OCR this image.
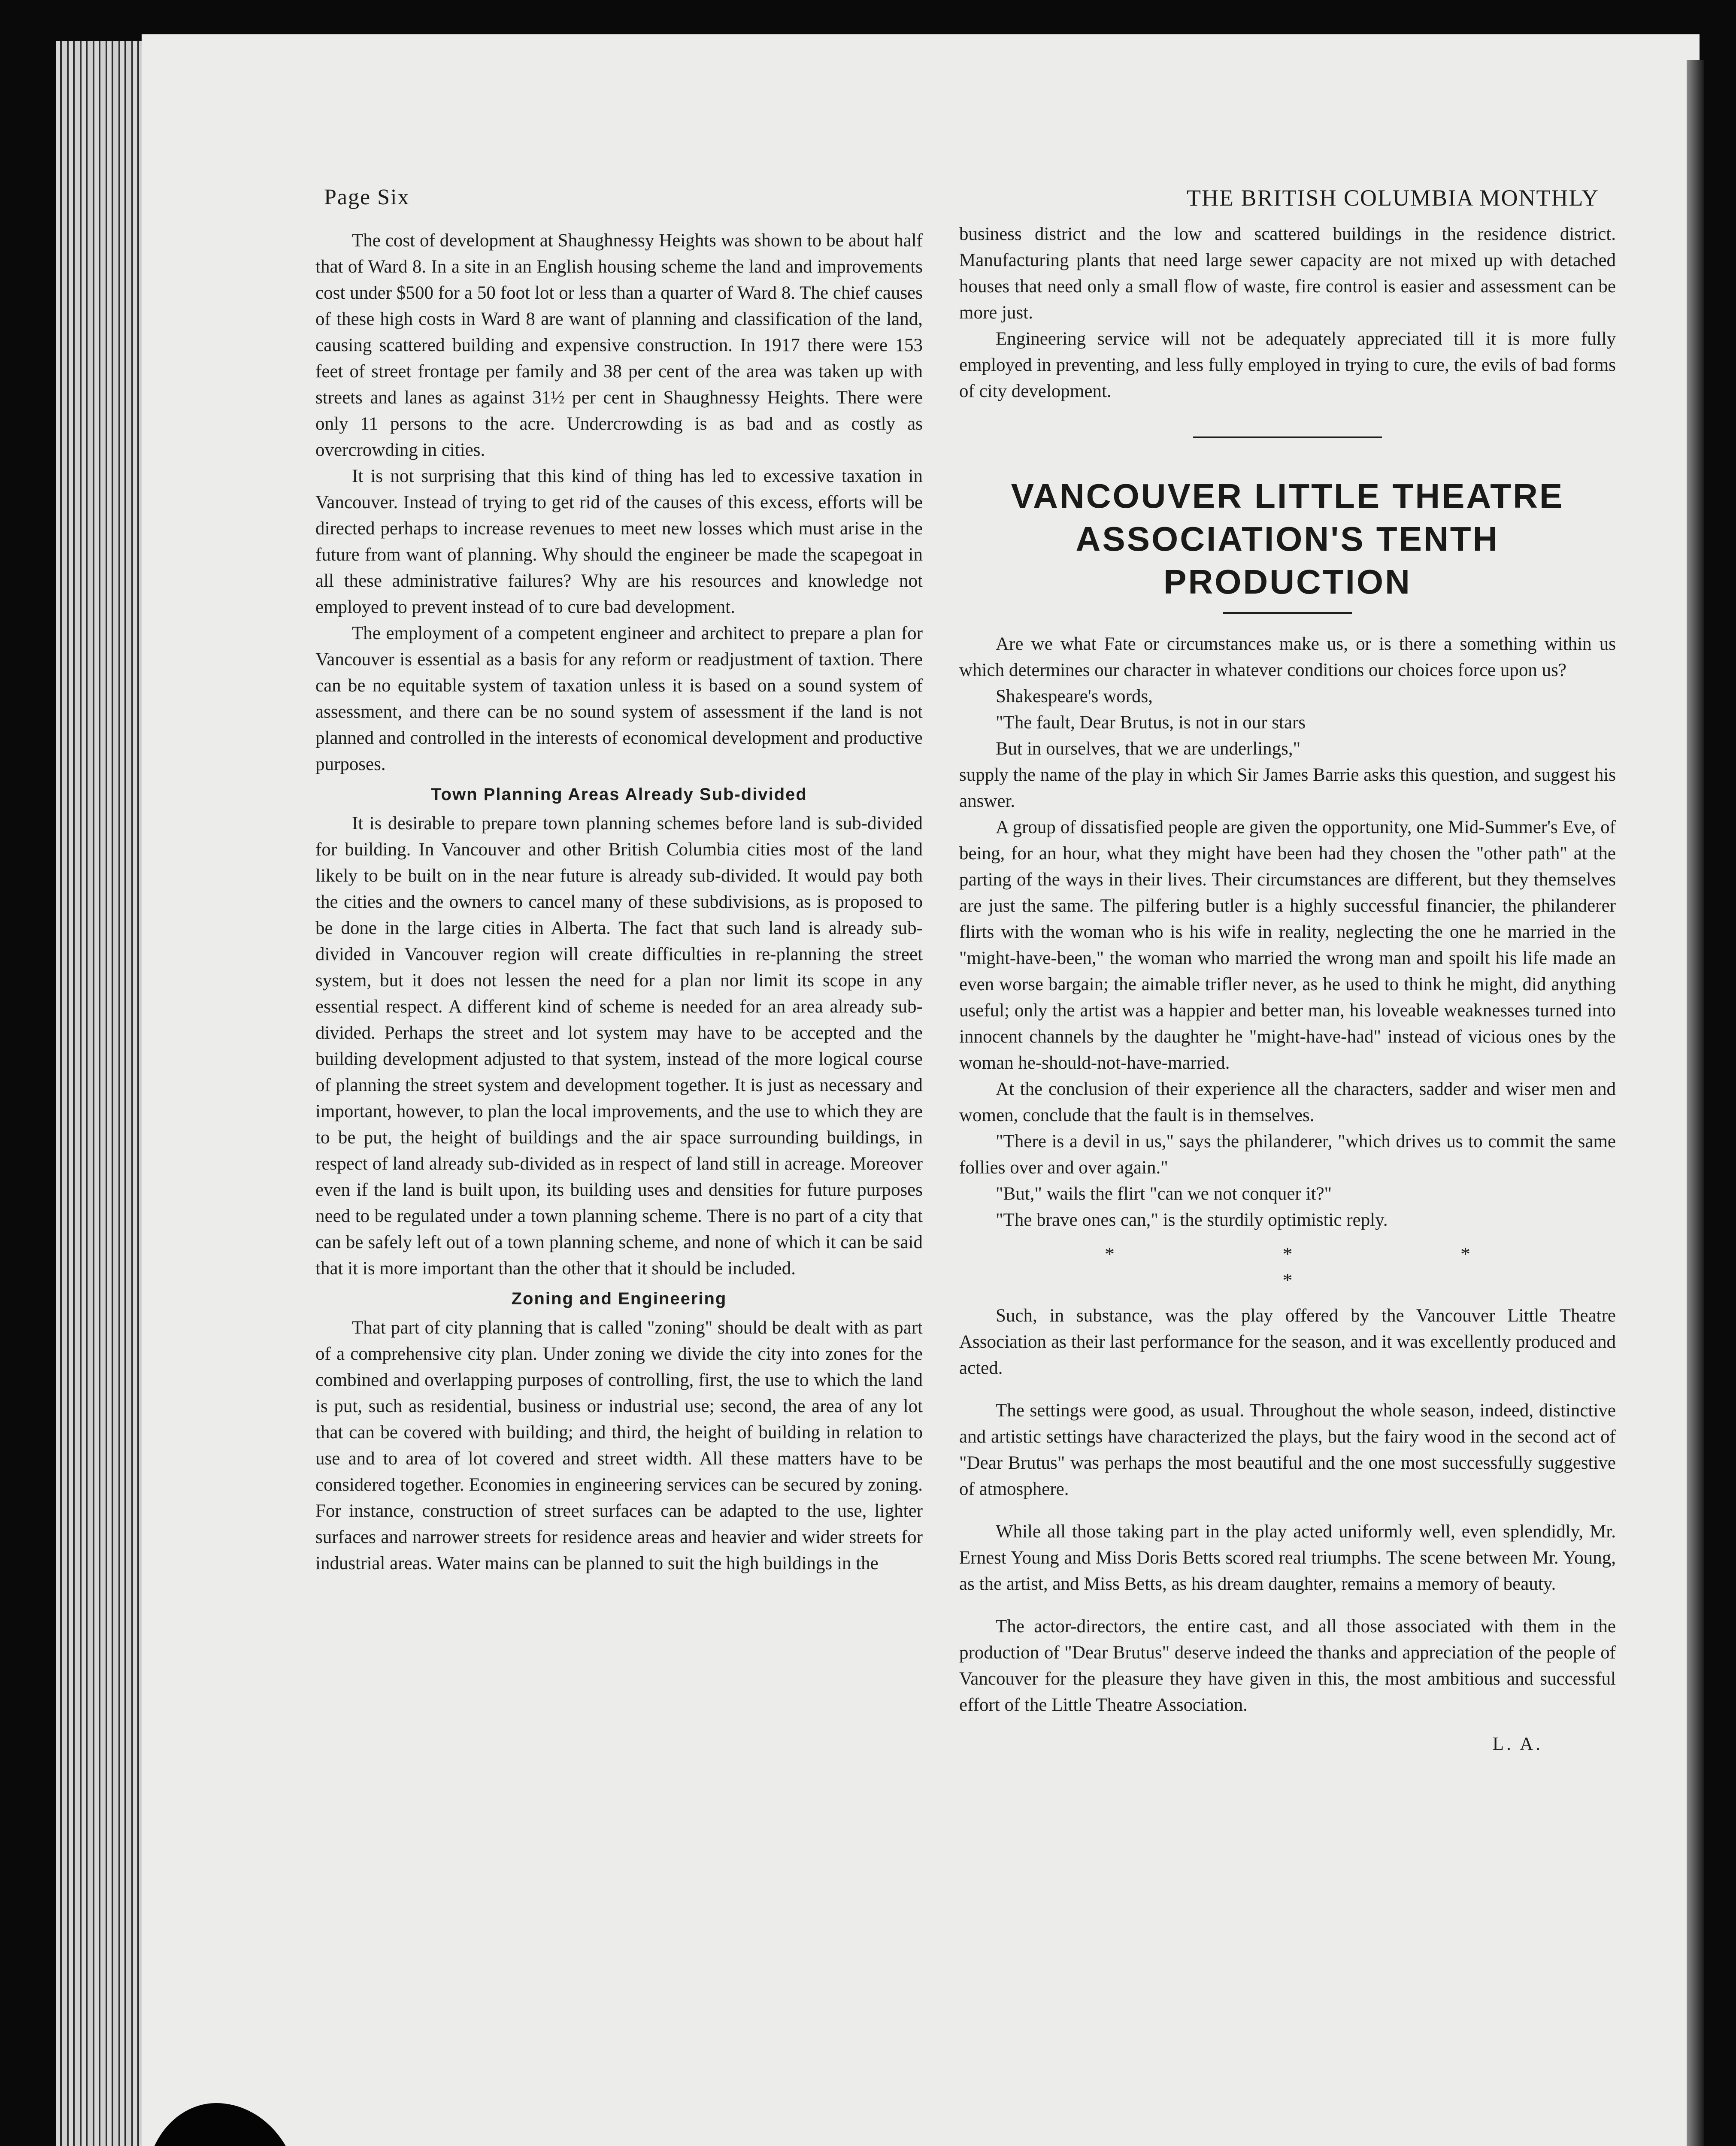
Page Six	THE BRITISH COLUMBIA MONTHLY

The cost of development at Shaughnessy Heights was shown to be about half that of Ward 8. In a site in an English housing scheme the land and improvements cost under $500 for a 50 foot lot or less than a quarter of Ward 8. The chief causes of these high costs in Ward 8 are want of planning and classification of the land, causing scattered building and expensive construction. In 1917 there were 153 feet of street frontage per family and 38 per cent of the area was taken up with streets and lanes as against 31½ per cent in Shaughnessy Heights. There were only 11 persons to the acre. Undercrowding is as bad and as costly as overcrowding in cities.

It is not surprising that this kind of thing has led to excessive taxation in Vancouver. Instead of trying to get rid of the causes of this excess, efforts will be directed perhaps to increase revenues to meet new losses which must arise in the future from want of planning. Why should the engineer be made the scapegoat in all these administrative failures? Why are his resources and knowledge not employed to prevent instead of to cure bad development.

The employment of a competent engineer and architect to prepare a plan for Vancouver is essential as a basis for any reform or readjustment of taxtion. There can be no equitable system of taxation unless it is based on a sound system of assessment, and there can be no sound system of assessment if the land is not planned and controlled in the interests of economical development and productive purposes.

Town Planning Areas Already Sub-divided

It is desirable to prepare town planning schemes before land is sub-divided for building. In Vancouver and other British Columbia cities most of the land likely to be built on in the near future is already sub-divided. It would pay both the cities and the owners to cancel many of these subdivisions, as is proposed to be done in the large cities in Alberta. The fact that such land is already sub-divided in Vancouver region will create difficulties in re-planning the street system, but it does not lessen the need for a plan nor limit its scope in any essential respect. A different kind of scheme is needed for an area already sub-divided. Perhaps the street and lot system may have to be accepted and the building development adjusted to that system, instead of the more logical course of planning the street system and development together. It is just as necessary and important, however, to plan the local improvements, and the use to which they are to be put, the height of buildings and the air space surrounding buildings, in respect of land already sub-divided as in respect of land still in acreage. Moreover even if the land is built upon, its building uses and densities for future purposes need to be regulated under a town planning scheme. There is no part of a city that can be safely left out of a town planning scheme, and none of which it can be said that it is more important than the other that it should be included.

Zoning and Engineering

That part of city planning that is called "zoning" should be dealt with as part of a comprehensive city plan. Under zoning we divide the city into zones for the combined and overlapping purposes of controlling, first, the use to which the land is put, such as residential, business or industrial use; second, the area of any lot that can be covered with building; and third, the height of building in relation to use and to area of lot covered and street width. All these matters have to be considered together. Economies in engineering services can be secured by zoning. For instance, construction of street surfaces can be adapted to the use, lighter surfaces and narrower streets for residence areas and heavier and wider streets for industrial areas. Water mains can be planned to suit the high buildings in the

business district and the low and scattered buildings in the residence district. Manufacturing plants that need large sewer capacity are not mixed up with detached houses that need only a small flow of waste, fire control is easier and assessment can be more just.

Engineering service will not be adequately appreciated till it is more fully employed in preventing, and less fully employed in trying to cure, the evils of bad forms of city development.

VANCOUVER LITTLE THEATRE
ASSOCIATION'S TENTH
PRODUCTION

Are we what Fate or circumstances make us, or is there a something within us which determines our character in whatever conditions our choices force upon us?

Shakespeare's words,

"The fault, Dear Brutus, is not in our stars

But in ourselves, that we are underlings,"

supply the name of the play in which Sir James Barrie asks this question, and suggest his answer.

A group of dissatisfied people are given the opportunity, one Mid-Summer's Eve, of being, for an hour, what they might have been had they chosen the "other path" at the parting of the ways in their lives. Their circumstances are different, but they themselves are just the same. The pilfering butler is a highly successful financier, the philanderer flirts with the woman who is his wife in reality, neglecting the one he married in the "might-have-been," the woman who married the wrong man and spoilt his life made an even worse bargain; the aimable trifler never, as he used to think he might, did anything useful; only the artist was a happier and better man, his loveable weaknesses turned into innocent channels by the daughter he "might-have-had" instead of vicious ones by the woman he-should-not-have-married.

At the conclusion of their experience all the characters, sadder and wiser men and women, conclude that the fault is in themselves.

"There is a devil in us," says the philanderer, "which drives us to commit the same follies over and over again."

"But," wails the flirt "can we not conquer it?"

"The brave ones can," is the sturdily optimistic reply.

* * * *

Such, in substance, was the play offered by the Vancouver Little Theatre Association as their last performance for the season, and it was excellently produced and acted.

The settings were good, as usual. Throughout the whole season, indeed, distinctive and artistic settings have characterized the plays, but the fairy wood in the second act of "Dear Brutus" was perhaps the most beautiful and the one most successfully suggestive of atmosphere.

While all those taking part in the play acted uniformly well, even splendidly, Mr. Ernest Young and Miss Doris Betts scored real triumphs. The scene between Mr. Young, as the artist, and Miss Betts, as his dream daughter, remains a memory of beauty.

The actor-directors, the entire cast, and all those associated with them in the production of "Dear Brutus" deserve indeed the thanks and appreciation of the people of Vancouver for the pleasure they have given in this, the most ambitious and successful effort of the Little Theatre Association.

L. A.
